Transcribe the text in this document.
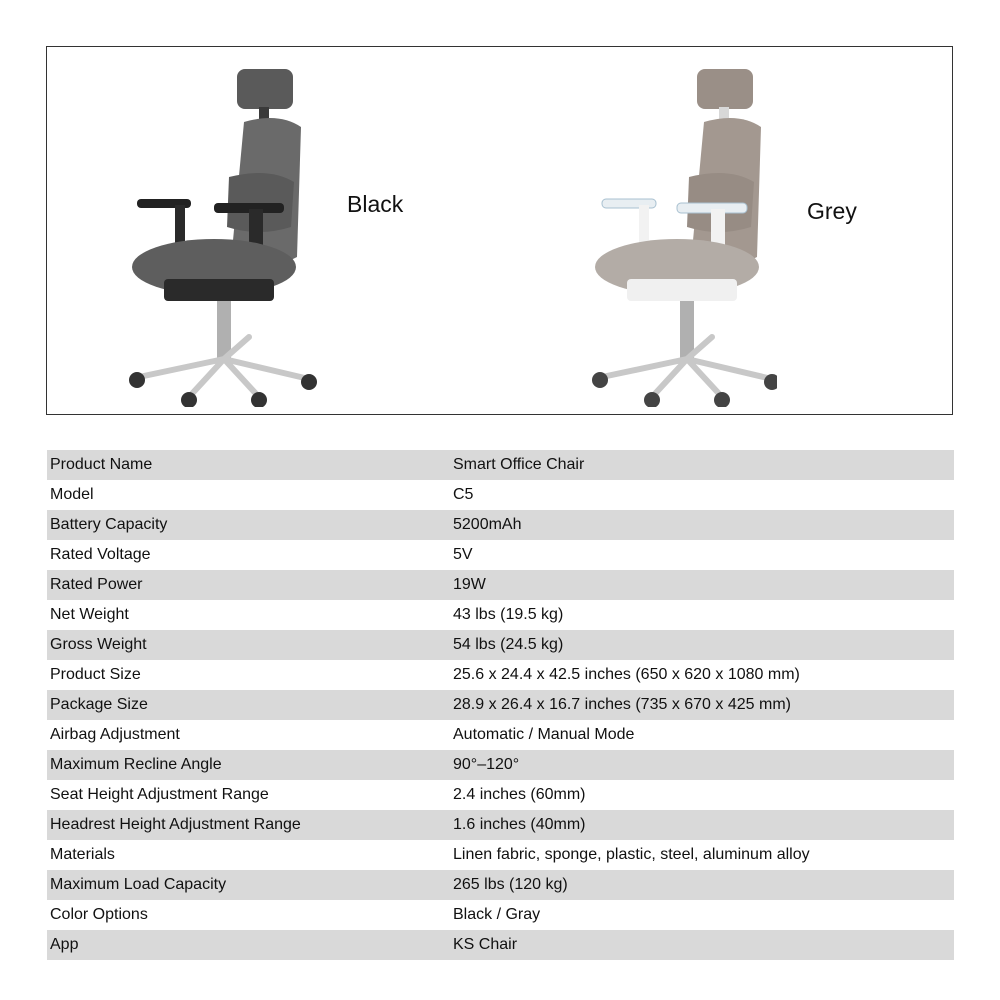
Black	Grey
Product Name	Smart Office Chair
Model	C5
Battery Capacity	5200mAh
Rated Voltage	5V
Rated Power	19W
Net Weight	43 lbs (19.5 kg)
Gross Weight	54 lbs (24.5 kg)
Product Size	25.6 x 24.4 x 42.5 inches (650 x 620 x 1080 mm)
Package Size	28.9 x 26.4 x 16.7 inches (735 x 670 x 425 mm)
Airbag Adjustment	Automatic / Manual Mode
Maximum Recline Angle	90°–120°
Seat Height Adjustment Range	2.4 inches (60mm)
Headrest Height Adjustment Range	1.6 inches (40mm)
Materials	Linen fabric, sponge, plastic, steel, aluminum alloy
Maximum Load Capacity	265 lbs (120 kg)
Color Options	Black / Gray
App	KS Chair
